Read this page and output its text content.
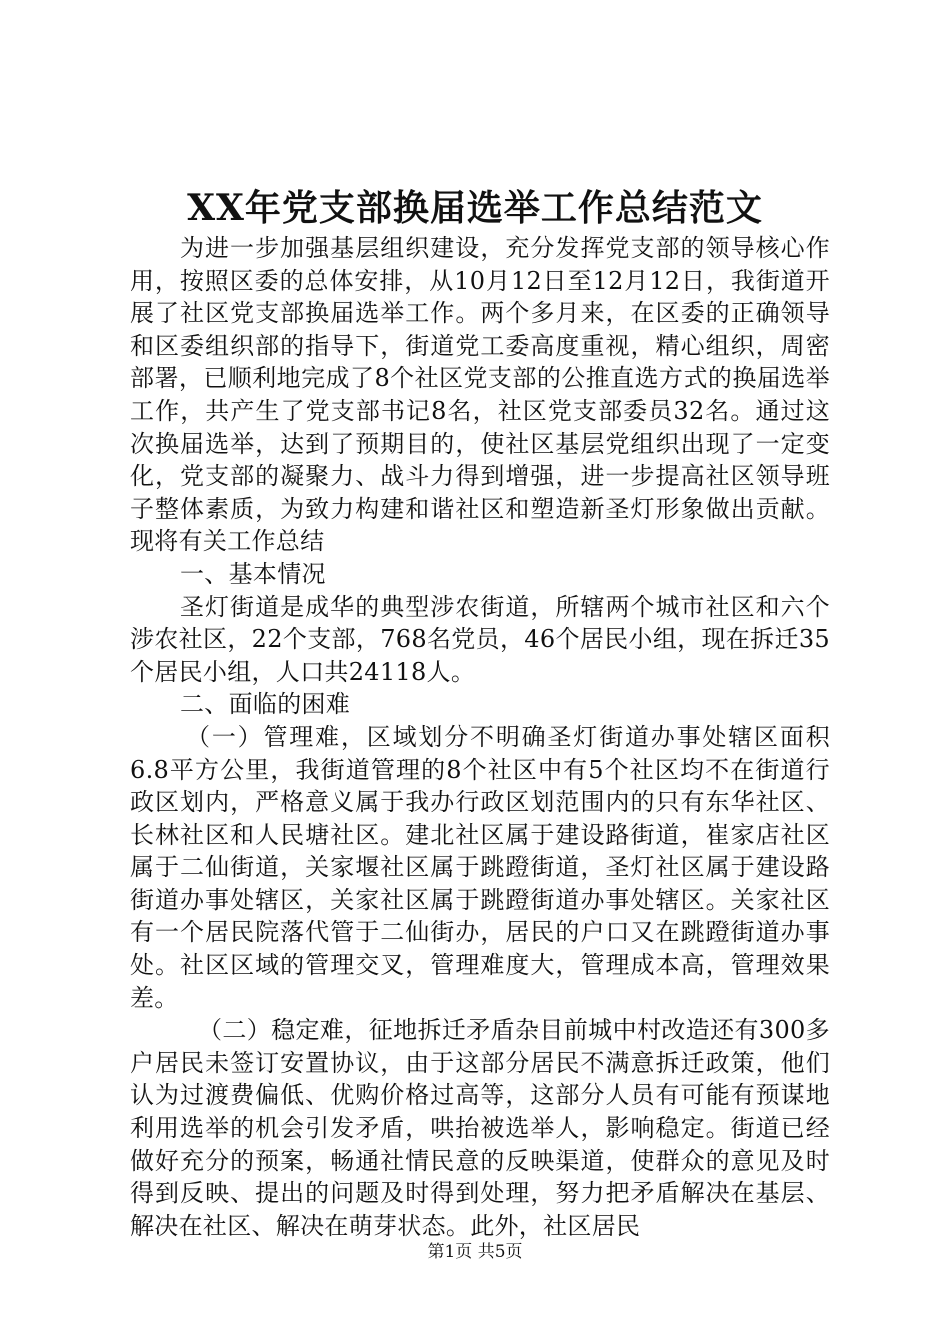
XX年党支部换届选举工作总结范文

为进一步加强基层组织建设，充分发挥党支部的领导核心作用，按照区委的总体安排，从10月12日至12月12日，我街道开展了社区党支部换届选举工作。两个多月来，在区委的正确领导和区委组织部的指导下，街道党工委高度重视，精心组织，周密部署，已顺利地完成了8个社区党支部的公推直选方式的换届选举工作，共产生了党支部书记8名，社区党支部委员32名。通过这次换届选举，达到了预期目的，使社区基层党组织出现了一定变化，党支部的凝聚力、战斗力得到增强，进一步提高社区领导班子整体素质，为致力构建和谐社区和塑造新圣灯形象做出贡献。现将有关工作总结

一、基本情况

圣灯街道是成华的典型涉农街道，所辖两个城市社区和六个涉农社区，22个支部，768名党员，46个居民小组，现在拆迁35个居民小组，人口共24118人。

二、面临的困难

（一）管理难，区域划分不明确圣灯街道办事处辖区面积6.8平方公里，我街道管理的8个社区中有5个社区均不在街道行政区划内，严格意义属于我办行政区划范围内的只有东华社区、长林社区和人民塘社区。建北社区属于建设路街道，崔家店社区属于二仙街道，关家堰社区属于跳蹬街道，圣灯社区属于建设路街道办事处辖区，关家社区属于跳蹬街道办事处辖区。关家社区有一个居民院落代管于二仙街办，居民的户口又在跳蹬街道办事处。社区区域的管理交叉，管理难度大，管理成本高，管理效果差。

（二）稳定难，征地拆迁矛盾杂目前城中村改造还有300多户居民未签订安置协议，由于这部分居民不满意拆迁政策，他们认为过渡费偏低、优购价格过高等，这部分人员有可能有预谋地利用选举的机会引发矛盾，哄抬被选举人，影响稳定。街道已经做好充分的预案，畅通社情民意的反映渠道，使群众的意见及时得到反映、提出的问题及时得到处理，努力把矛盾解决在基层、解决在社区、解决在萌芽状态。此外，社区居民

第1页 共5页
